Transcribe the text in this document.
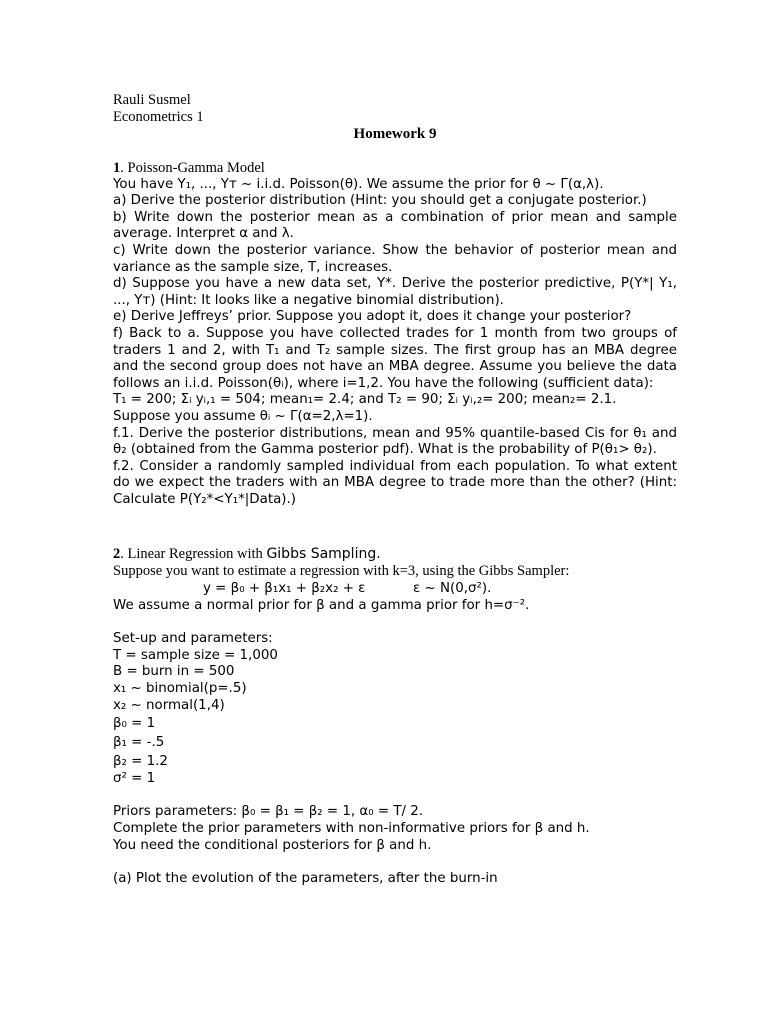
Rauli Susmel

Econometrics 1

Homework 9

1. Poisson-Gamma Model

You have Y₁, ..., Yᴛ ~ i.i.d. Poisson(θ). We assume the prior for θ ~ Γ(α,λ).

a) Derive the posterior distribution (Hint: you should get a conjugate posterior.)

b) Write down the posterior mean as a combination of prior mean and sample average. Interpret α and λ.

c) Write down the posterior variance. Show the behavior of posterior mean and variance as the sample size, T, increases.

d) Suppose you have a new data set, Y*. Derive the posterior predictive, P(Y*| Y₁, ..., Yᴛ) (Hint: It looks like a negative binomial distribution).

e) Derive Jeffreys’ prior. Suppose you adopt it, does it change your posterior?

f) Back to a. Suppose you have collected trades for 1 month from two groups of traders 1 and 2, with T₁ and T₂ sample sizes. The first group has an MBA degree and the second group does not have an MBA degree. Assume you believe the data follows an i.i.d. Poisson(θᵢ), where i=1,2. You have the following (sufficient data):

T₁ = 200; Σᵢ yᵢ,₁ = 504; mean₁= 2.4; and T₂ = 90; Σᵢ yᵢ,₂= 200; mean₂= 2.1.

Suppose you assume θᵢ ~ Γ(α=2,λ=1).

f.1. Derive the posterior distributions, mean and 95% quantile-based Cis for θ₁ and θ₂ (obtained from the Gamma posterior pdf). What is the probability of P(θ₁> θ₂).

f.2. Consider a randomly sampled individual from each population. To what extent do we expect the traders with an MBA degree to trade more than the other? (Hint: Calculate P(Y₂*<Y₁*|Data).)

2. Linear Regression with Gibbs Sampling.

Suppose you want to estimate a regression with k=3, using the Gibbs Sampler:

y = β₀ + β₁x₁ + β₂x₂ + ε	ε ~ N(0,σ²).

We assume a normal prior for β and a gamma prior for h=σ⁻².

Set-up and parameters:

T = sample size = 1,000

B = burn in = 500

x₁ ~ binomial(p=.5)

x₂ ~ normal(1,4)

β₀ = 1

β₁ = -.5

β₂ = 1.2

σ² = 1

Priors parameters: β₀ = β₁ = β₂ = 1, α₀ = T/ 2.

Complete the prior parameters with non-informative priors for β and h.

You need the conditional posteriors for β and h.

(a) Plot the evolution of the parameters, after the burn-in
